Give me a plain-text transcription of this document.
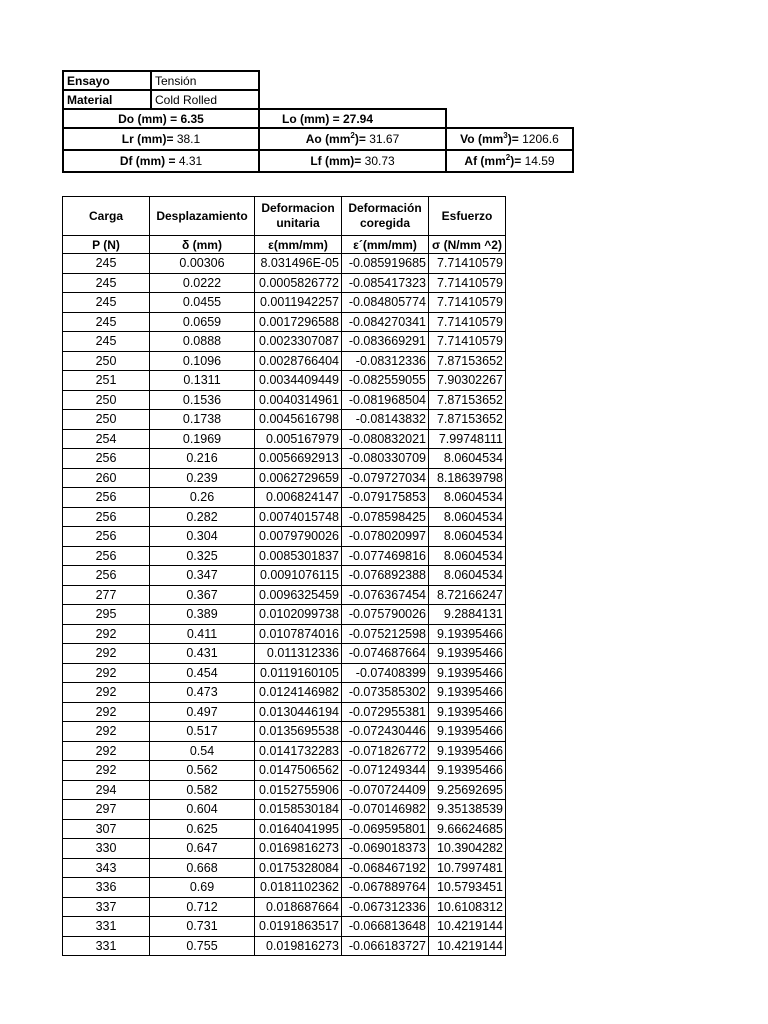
Ensayo	Tensión		
Material	Cold Rolled		
Do (mm) = 6.35		Lo (mm) = 27.94	
Lr (mm)= 38.1		Ao $(mm^2)= 31.67$	Vo $(mm^3)= 1206.6$
Df (mm) = 4.31		Lf (mm)= 30.73	Af $(mm^2)= 14.59$
Carga	Desplazamiento	Deformacion unitaria	Deformación coregida	Esfuerzo
P (N)	δ (mm)	ε(mm/mm)	ε´(mm/mm)	σ (N/mm ^2)
245	0.00306	8.031496E-05	-0.085919685	7.71410579
245	0.0222	0.0005826772	-0.085417323	7.71410579
245	0.0455	0.0011942257	-0.084805774	7.71410579
245	0.0659	0.0017296588	-0.084270341	7.71410579
245	0.0888	0.0023307087	-0.083669291	7.71410579
250	0.1096	0.0028766404	-0.08312336	7.87153652
251	0.1311	0.0034409449	-0.082559055	7.90302267
250	0.1536	0.0040314961	-0.081968504	7.87153652
250	0.1738	0.0045616798	-0.08143832	7.87153652
254	0.1969	0.005167979	-0.080832021	7.99748111
256	0.216	0.0056692913	-0.080330709	8.0604534
260	0.239	0.0062729659	-0.079727034	8.18639798
256	0.26	0.006824147	-0.079175853	8.0604534
256	0.282	0.0074015748	-0.078598425	8.0604534
256	0.304	0.0079790026	-0.078020997	8.0604534
256	0.325	0.0085301837	-0.077469816	8.0604534
256	0.347	0.0091076115	-0.076892388	8.0604534
277	0.367	0.0096325459	-0.076367454	8.72166247
295	0.389	0.0102099738	-0.075790026	9.2884131
292	0.411	0.0107874016	-0.075212598	9.19395466
292	0.431	0.011312336	-0.074687664	9.19395466
292	0.454	0.0119160105	-0.07408399	9.19395466
292	0.473	0.0124146982	-0.073585302	9.19395466
292	0.497	0.0130446194	-0.072955381	9.19395466
292	0.517	0.0135695538	-0.072430446	9.19395466
292	0.54	0.0141732283	-0.071826772	9.19395466
292	0.562	0.0147506562	-0.071249344	9.19395466
294	0.582	0.0152755906	-0.070724409	9.25692695
297	0.604	0.0158530184	-0.070146982	9.35138539
307	0.625	0.0164041995	-0.069595801	9.66624685
330	0.647	0.0169816273	-0.069018373	10.3904282
343	0.668	0.0175328084	-0.068467192	10.7997481
336	0.69	0.0181102362	-0.067889764	10.5793451
337	0.712	0.018687664	-0.067312336	10.6108312
331	0.731	0.0191863517	-0.066813648	10.4219144
331	0.755	0.019816273	-0.066183727	10.4219144
